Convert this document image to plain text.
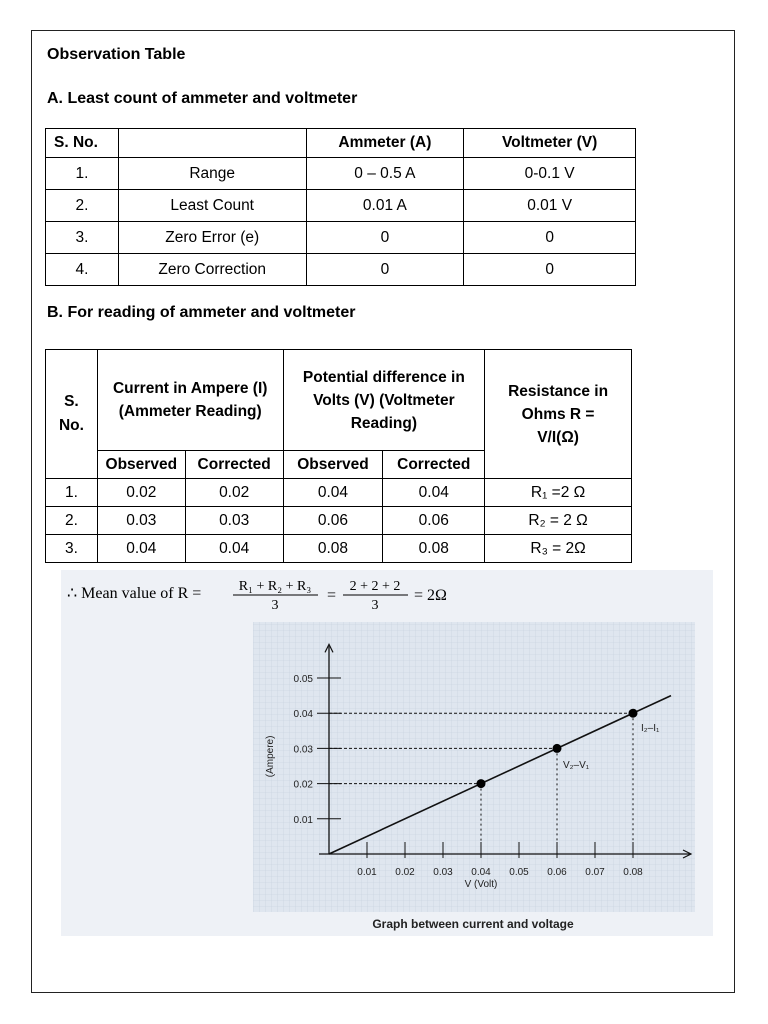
Observation Table
A. Least count of ammeter and voltmeter
S. No.		Ammeter (A)	Voltmeter (V)
1.	Range	0 – 0.5 A	0-0.1 V
2.	Least Count	0.01 A	0.01 V
3.	Zero Error (e)	0	0
4.	Zero Correction	0	0
B. For reading of ammeter and voltmeter
S. No.	Current in Ampere (I) (Ammeter Reading)		Potential difference in Volts (V) (Voltmeter Reading)		Resistance in Ohms R = V/I(Ω)
	Observed	Corrected	Observed	Corrected	
1.	0.02	0.02	0.04	0.04	R₁ =2 Ω
2.	0.03	0.03	0.06	0.06	R₂ = 2 Ω
3.	0.04	0.04	0.08	0.08	R₃ = 2Ω
∴ Mean value of R =	R₁ + R₂ + R₃
3
=
2 + 2 + 2
3
= 2Ω
0.01
0.02
0.03
0.04
0.05
0.01 0.02 0.03 0.04 0.05 0.06 0.07 0.08
V (Volt)
(Ampere)
I₂–I₁
V₂–V₁
Graph between current and voltage
